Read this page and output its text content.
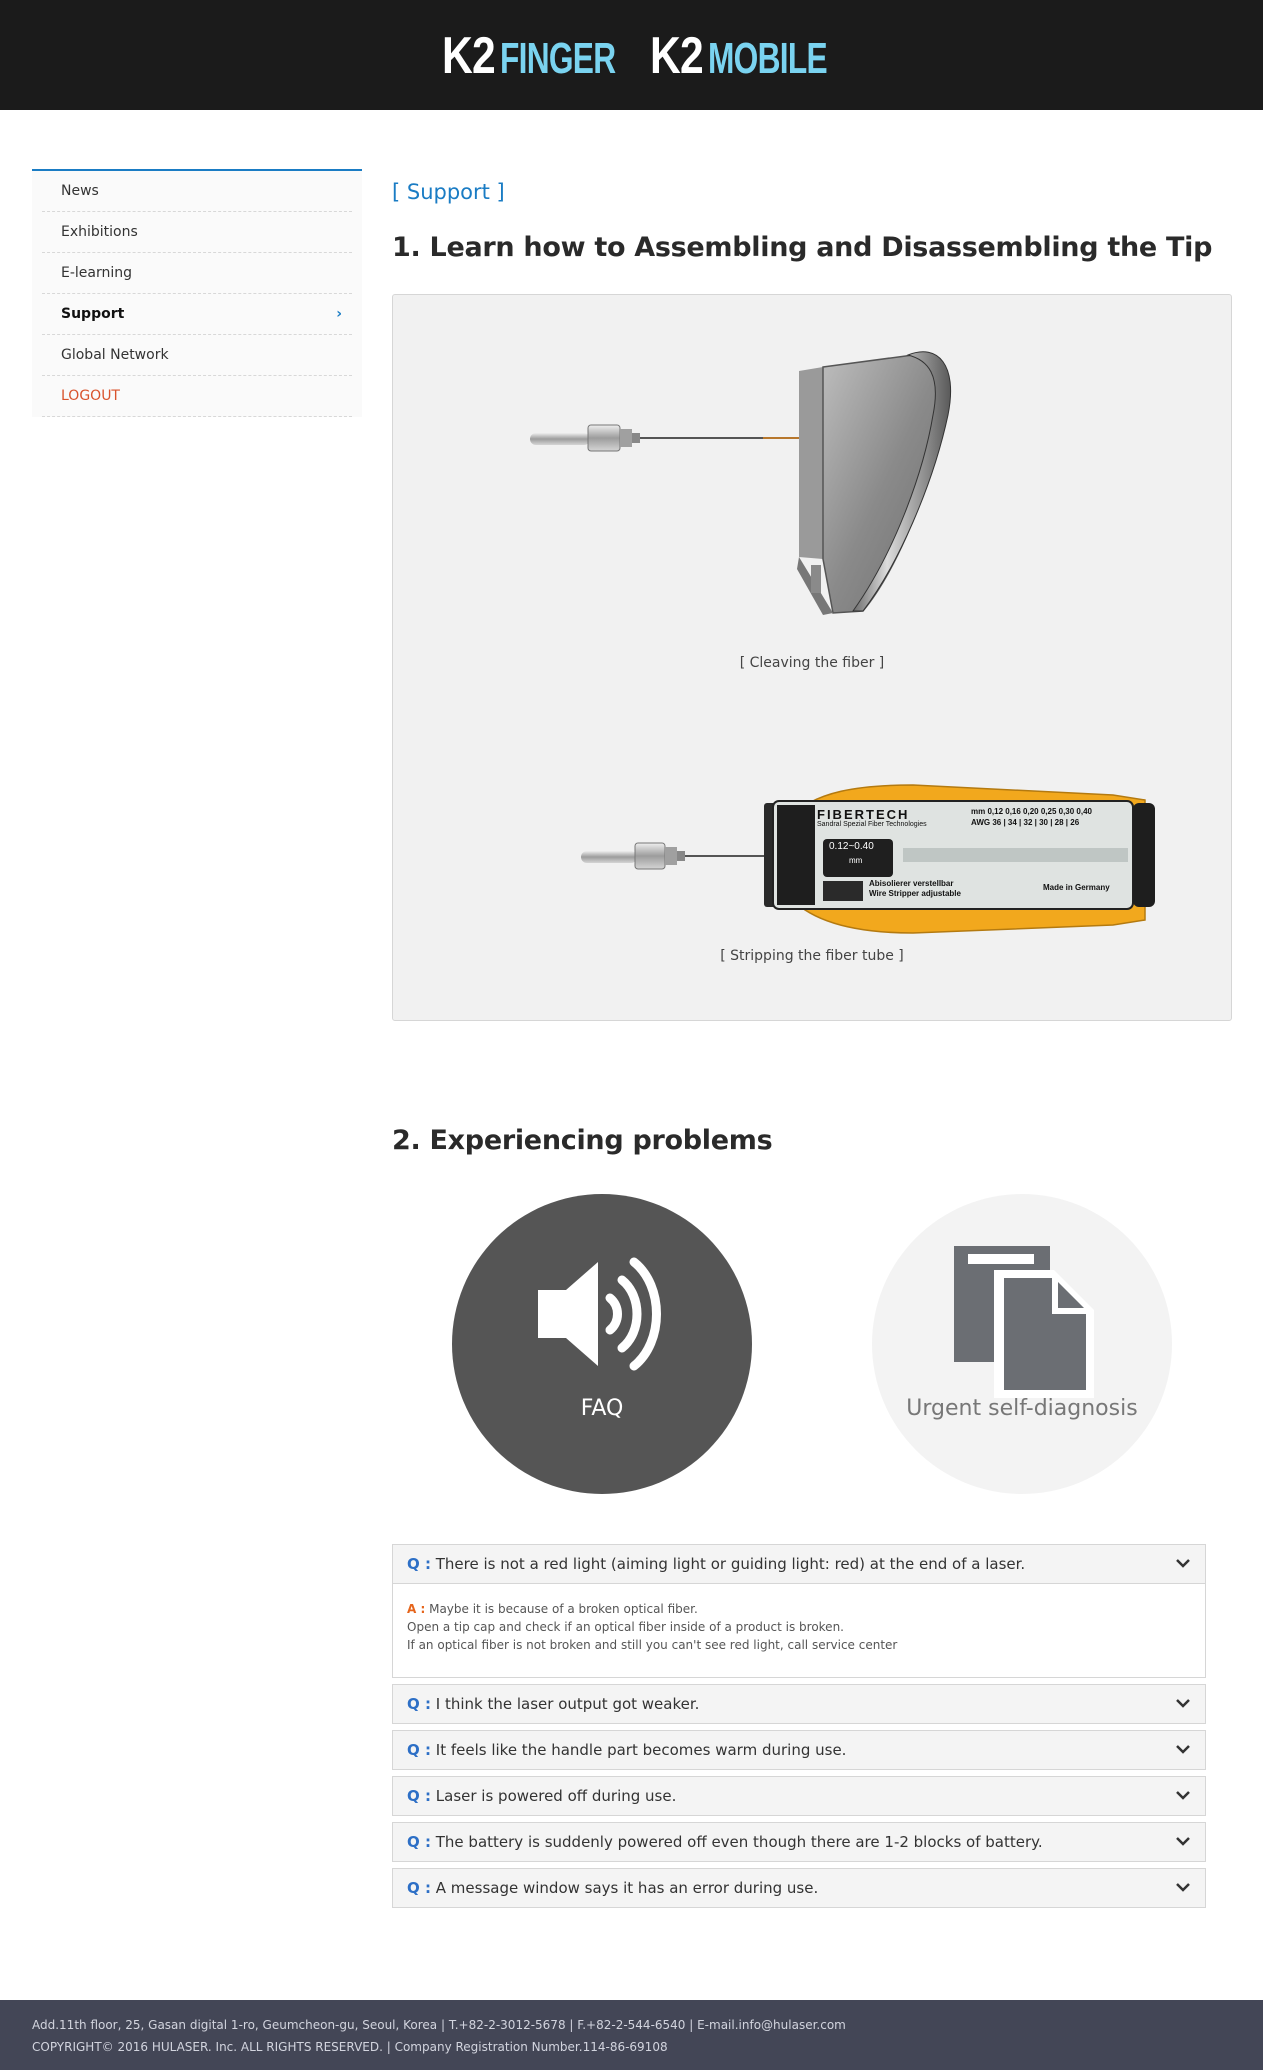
K2 FINGER K2 MOBILE
News
Exhibitions
E-learning
Support	›
Global Network
LOGOUT
[ Support ]
1. Learn how to Assembling and Disassembling the Tip
FIBERTECH
Sandral Spezial Fiber Technologies
mm 0,12 0,16 0,20 0,25 0,30 0,40
AWG 36 | 34 | 32 | 30 | 28 | 26
0.12~0.40
mm
Abisolierer verstellbar
Wire Stripper adjustable
Made in Germany
[ Cleaving the fiber ]
[ Stripping the fiber tube ]
2. Experiencing problems
FAQ	Urgent self-diagnosis
Q : There is not a red light (aiming light or guiding light: red) at the end of a laser.
A : Maybe it is because of a broken optical fiber.
Open a tip cap and check if an optical fiber inside of a product is broken.
If an optical fiber is not broken and still you can't see red light, call service center
Q : I think the laser output got weaker.
Q : It feels like the handle part becomes warm during use.
Q : Laser is powered off during use.
Q : The battery is suddenly powered off even though there are 1-2 blocks of battery.
Q : A message window says it has an error during use.
Add.11th floor, 25, Gasan digital 1-ro, Geumcheon-gu, Seoul, Korea | T.+82-2-3012-5678 | F.+82-2-544-6540 | E-mail.info@hulaser.com
COPYRIGHT© 2016 HULASER. Inc. ALL RIGHTS RESERVED. | Company Registration Number.114-86-69108
